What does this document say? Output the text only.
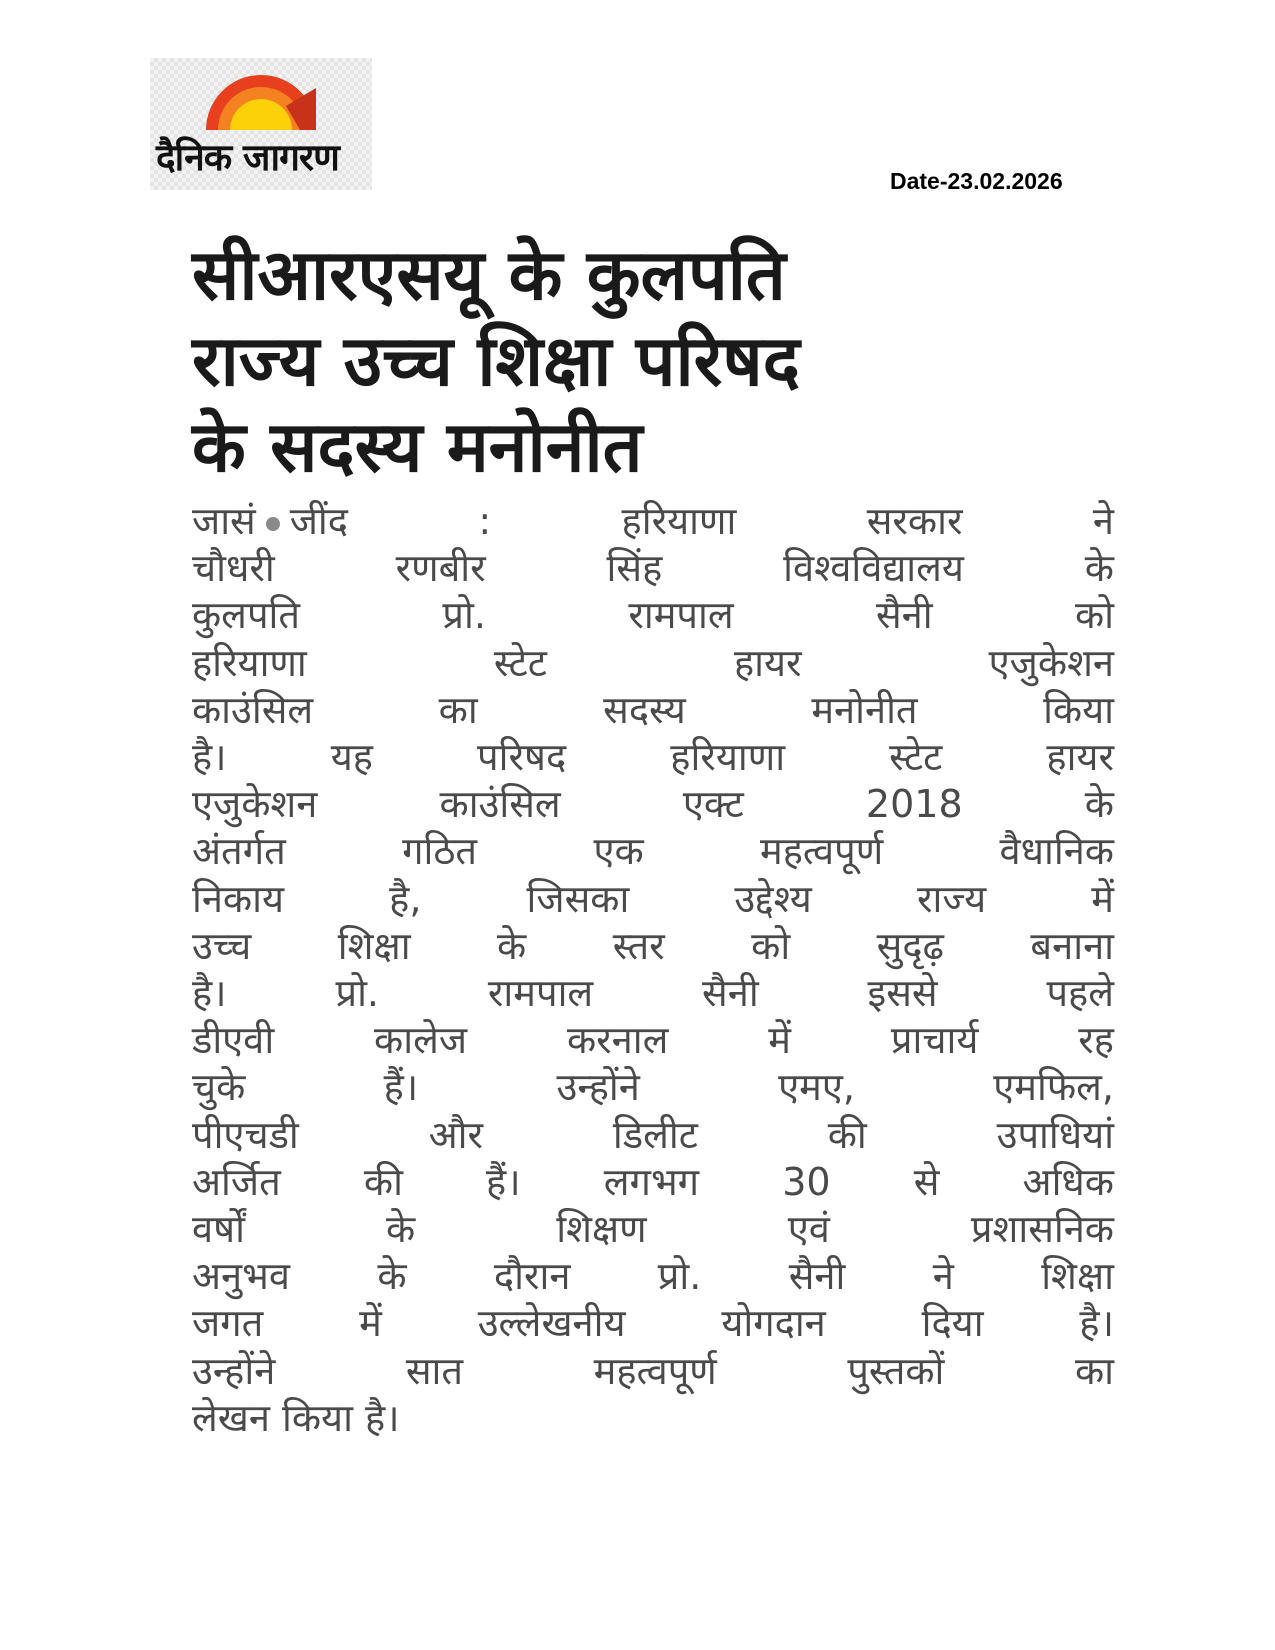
दैनिक जागरण
Date-23.02.2026
सीआरएसयू के कुलपति
राज्य उच्च शिक्षा परिषद
के सदस्य मनोनीत
जासं जींद	: हरियाणा सरकार ने
चौधरी रणबीर सिंह विश्वविद्यालय के
कुलपति प्रो. रामपाल सैनी को
हरियाणा स्टेट हायर एजुकेशन
काउंसिल का सदस्य मनोनीत किया
है। यह परिषद हरियाणा स्टेट हायर
एजुकेशन काउंसिल एक्ट 2018 के
अंतर्गत गठित एक महत्वपूर्ण वैधानिक
निकाय है, जिसका उद्देश्य राज्य में
उच्च शिक्षा के स्तर को सुदृढ़ बनाना
है। प्रो. रामपाल सैनी इससे पहले
डीएवी कालेज करनाल में प्राचार्य रह
चुके हैं। उन्होंने एमए, एमफिल,
पीएचडी और डिलीट की उपाधियां
अर्जित की हैं। लगभग 30 से अधिक
वर्षों के शिक्षण एवं प्रशासनिक
अनुभव के दौरान प्रो. सैनी ने शिक्षा
जगत में उल्लेखनीय योगदान दिया है।
उन्होंने सात महत्वपूर्ण पुस्तकों का
लेखन किया है।
